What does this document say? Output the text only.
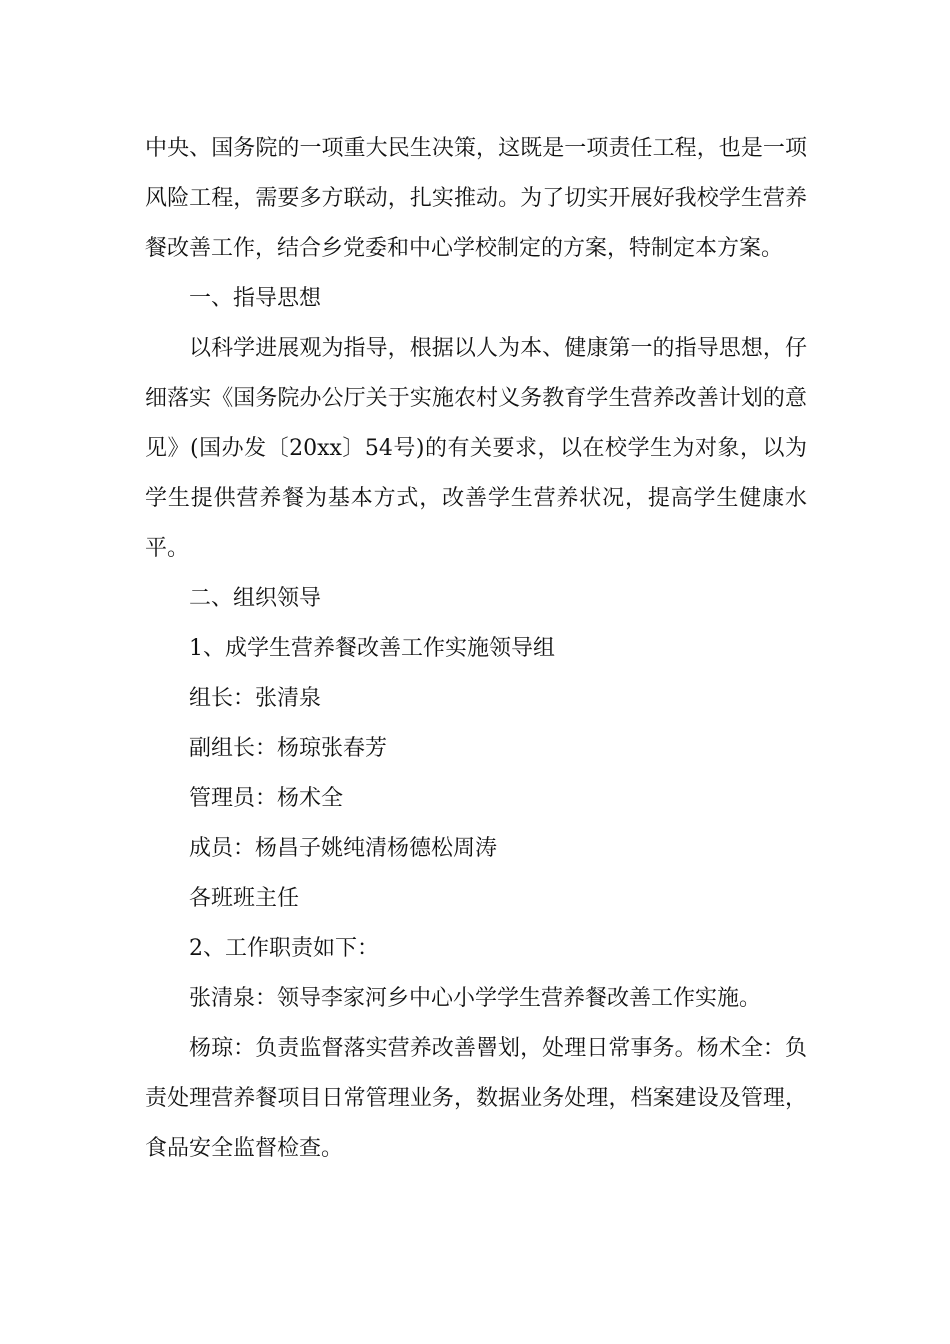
中央、国务院的一项重大民生决策，这既是一项责任工程，也是一项风险工程，需要多方联动，扎实推动。为了切实开展好我校学生营养餐改善工作，结合乡党委和中心学校制定的方案，特制定本方案。

一、指导思想

以科学进展观为指导，根据以人为本、健康第一的指导思想，仔细落实《国务院办公厅关于实施农村义务教育学生营养改善计划的意见》(国办发〔20xx〕54号)的有关要求，以在校学生为对象，以为学生提供营养餐为基本方式，改善学生营养状况，提高学生健康水平。

二、组织领导

1、成学生营养餐改善工作实施领导组

组长：张清泉

副组长：杨琼张春芳

管理员：杨术全

成员：杨昌子姚纯清杨德松周涛

各班班主任

2、工作职责如下：

张清泉：领导李家河乡中心小学学生营养餐改善工作实施。

杨琼：负责监督落实营养改善罾划，处理日常事务。杨术全：负责处理营养餐项目日常管理业务，数据业务处理，档案建设及管理，食品安全监督检查。
